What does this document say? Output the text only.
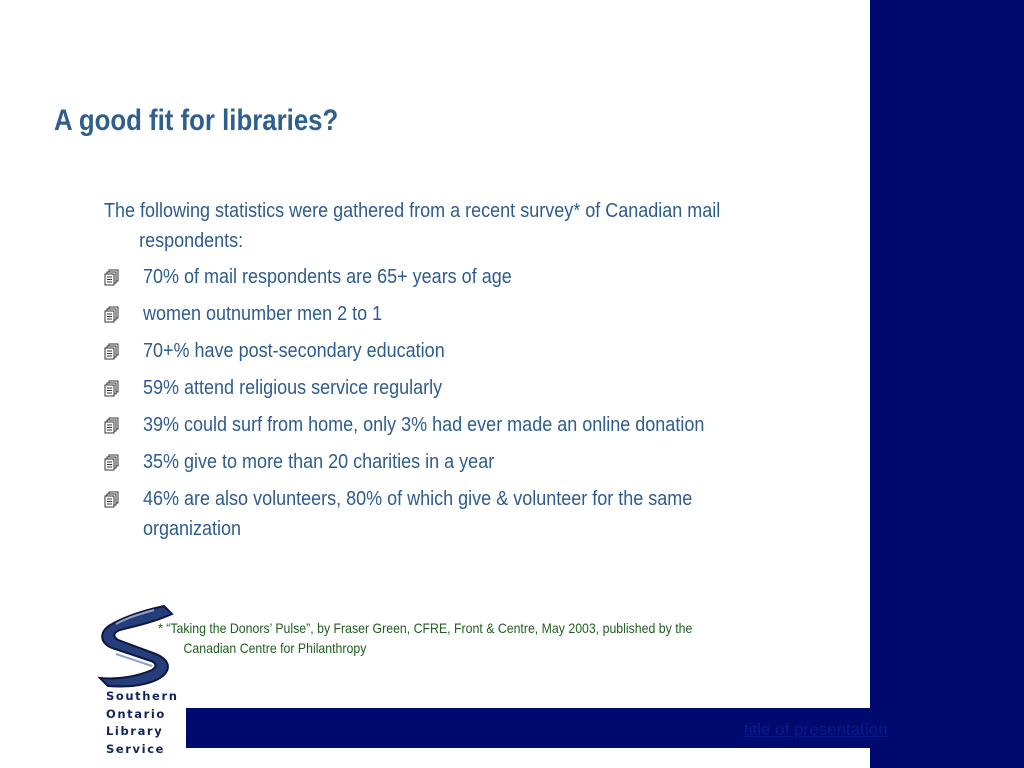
title of presentation
A good fit for libraries?

The following statistics were gathered from a recent survey* of Canadian mail respondents:

70% of mail respondents are 65+ years of age
women outnumber men 2 to 1
70+% have post-secondary education
59% attend religious service regularly
39% could surf from home, only 3% had ever made an online donation
35% give to more than 20 charities in a year
46% are also volunteers, 80% of which give & volunteer for the same organization
* “Taking the Donors’ Pulse”, by Fraser Green, CFRE, Front & Centre, May 2003, published by the Canadian Centre for Philanthropy
Southern
Ontario
Library
Service
